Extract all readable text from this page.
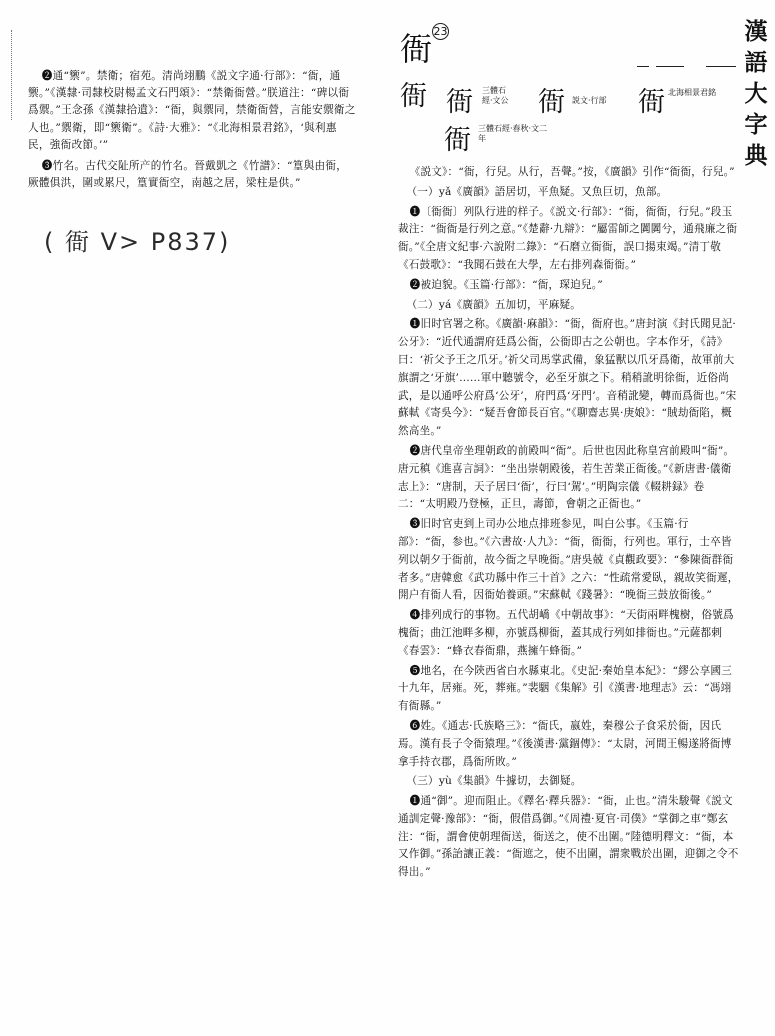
漢
語
大
字
典
衙 23
衙 衙 三體石經·文公 衙 説文·行部	衙 北海相景君銘
衙 三體石經·春秋·文二年

❷通“籞”。禁衛；宿苑。清尚翊鵬《説文字通·行部》：“衙，通籞。”《漢隸·司隸校尉楊孟文石門頌》：“禁衛衙營。”朕道注：“碑以衙爲禦。”王念孫《漢隸拾遺》：“衙，與禦同，禁衛衙營，言能安禦衛之人也。”禦衛，即“籞衛”。《詩·大雅》：“《北海相景君銘》，‘與利惠民，強衙改節。’”

❸竹名。古代交阯所产的竹名。晉戴凱之《竹譜》：“篁與由衙，厥體俱洪，圍或累尺，篁實衙空，南越之居，梁柱是供。”

( 衙 V> P837)

《説文》：“衙，行兒。从行，吾聲。”按，《廣韻》引作“衙衙，行兒。”

（一）yǎ《廣韻》語居切，平魚疑。又魚巨切，魚部。

❶〔衙衙〕列队行进的样子。《説文·行部》：“衙，衙衙，行兒。”段玉裁注：“衙衙是行列之意。”《楚辭·九辯》：“屬雷師之闐闐兮，通飛廉之衙衙。”《全唐文紀事·六說附二錄》：“石磨立衙衙，誤口揚束竭。”清丁敬《石鼓歌》：“我聞石鼓在大學，左右排列森衙衙。”

❷被迫貌。《玉篇·行部》：“衙，琛迫兒。”

（二）yá《廣韻》五加切，平麻疑。

❶旧时官署之称。《廣韻·麻韻》：“衙，衙府也。”唐封演《封氏聞見記·公牙》：“近代通謂府廷爲公衙，公衙即古之公朝也。字本作牙，《詩》曰：‘祈父予王之爪牙。’祈父司馬掌武備，象猛獸以爪牙爲衛，故軍前大旗謂之‘牙旗’……軍中聽號令，必至牙旗之下。稍稍訛明徐衙，近俗尚武，是以通呼公府爲‘公牙’，府門爲‘牙門’。音稍訛變，轉而爲衙也。”宋蘇軾《寄吳今》：“疑吾會節長百官。”《聊齋志異·庚娘》：“賊劫衙陷，概然高坐。”

❷唐代皇帝坐理朝政的前殿叫“衙”。后世也因此称皇宫前殿叫“衙”。唐元稹《進喜言詞》：“坐出崇朝殿後，若生苦業正衙後。”《新唐書·儀衛志上》：“唐制，天子居曰‘衙’，行曰‘駕’。”明陶宗儀《輟耕録》卷二：“太明殿乃登極，正旦，壽節，會朝之正衙也。”

❸旧时官吏到上司办公地点排班参见，叫白公事。《玉篇·行部》：“衙，参也。”《六書故·人九》：“衙，衙衙，行列也。軍行，士卒皆列以朝夕于衙前，故今衙之早晚衙。”唐吳兢《貞觀政要》：“參陳衙群衙者多。”唐韓愈《武功縣中作三十首》之六：“性疏常愛臥，親故笑衙遲，開户有衙人看，因衙始養頭。”宋蘇軾《踐暑》：“晚衙三鼓放衙後。”

❹排列成行的事物。五代胡嶠《中朝故事》：“天街兩畔槐樹，俗號爲槐衙；曲江池畔多柳，亦號爲柳衙，蓋其成行列如排衙也。”元薩都剌《春雲》：“蜂衣春衙鼎，燕擁午蜂衙。”

❺地名，在今陝西省白水縣東北。《史記·秦始皇本紀》：“繆公享國三十九年，居雍。死，葬雍。”裴駰《集解》引《漢書·地理志》云：“馮翊有衙縣。”

❻姓。《通志·氏族略三》：“衙氏，嬴姓，秦穆公子食采於衙，因氏焉。漢有長子令衙猿理。”《後漢書·黨錮傳》：“太尉，河間王暢遂將衙博拿手持衣郡，爲衙所敗。”

（三）yù《集韻》牛據切，去御疑。

❶通“御”。迎而阻止。《釋名·釋兵器》：“衙，止也。”清朱駿聲《説文通訓定聲·豫部》：“衙，假借爲御。”《周禮·夏官·司僕》“掌御之車”鄭玄注：“衙，謂會使朝理衙送，衙送之，使不出圍。”陸德明釋文：“衙，本又作御。”孫詒讓正義：“衙遮之，使不出圍，謂衆戰於出圍，迎御之令不得出。”
